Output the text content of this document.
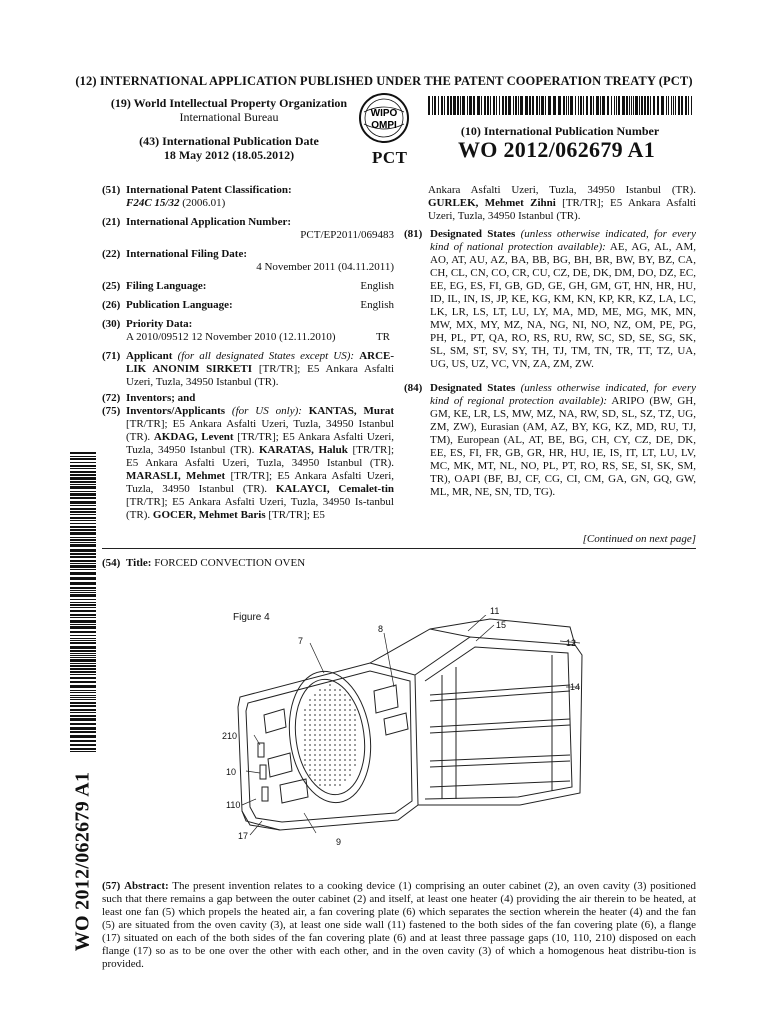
(12) INTERNATIONAL APPLICATION PUBLISHED UNDER THE PATENT COOPERATION TREATY (PCT)
(19) World Intellectual Property Organization
International Bureau
(43) International Publication Date
18 May 2012 (18.05.2012)
WIPO
OMPI
PCT
(10) International Publication Number
WO 2012/062679 A1

(51) International Patent Classification:

F24C 15/32 (2006.01)

(21) International Application Number:

PCT/EP2011/069483

(22) International Filing Date:

4 November 2011 (04.11.2011)

(25) Filing Language:	English
(26) Publication Language:	English

(30) Priority Data:

A 2010/09512 12 November 2010 (12.11.2010)	TR

(71) Applicant (for all designated States except US): ARCE-LIK ANONIM SIRKETI [TR/TR]; E5 Ankara Asfalti Uzeri, Tuzla, 34950 Istanbul (TR).

(72) Inventors; and

(75) Inventors/Applicants (for US only): KANTAS, Murat [TR/TR]; E5 Ankara Asfalti Uzeri, Tuzla, 34950 Istanbul (TR). AKDAG, Levent [TR/TR]; E5 Ankara Asfalti Uzeri, Tuzla, 34950 Istanbul (TR). KARATAS, Haluk [TR/TR]; E5 Ankara Asfalti Uzeri, Tuzla, 34950 Istanbul (TR). MARASLI, Mehmet [TR/TR]; E5 Ankara Asfalti Uzeri, Tuzla, 34950 Istanbul (TR). KALAYCI, Cemalet-tin [TR/TR]; E5 Ankara Asfalti Uzeri, Tuzla, 34950 Is-tanbul (TR). GOCER, Mehmet Baris [TR/TR]; E5

Ankara Asfalti Uzeri, Tuzla, 34950 Istanbul (TR). GURLEK, Mehmet Zihni [TR/TR]; E5 Ankara Asfalti Uzeri, Tuzla, 34950 Istanbul (TR).

(81) Designated States (unless otherwise indicated, for every kind of national protection available): AE, AG, AL, AM, AO, AT, AU, AZ, BA, BB, BG, BH, BR, BW, BY, BZ, CA, CH, CL, CN, CO, CR, CU, CZ, DE, DK, DM, DO, DZ, EC, EE, EG, ES, FI, GB, GD, GE, GH, GM, GT, HN, HR, HU, ID, IL, IN, IS, JP, KE, KG, KM, KN, KP, KR, KZ, LA, LC, LK, LR, LS, LT, LU, LY, MA, MD, ME, MG, MK, MN, MW, MX, MY, MZ, NA, NG, NI, NO, NZ, OM, PE, PG, PH, PL, PT, QA, RO, RS, RU, RW, SC, SD, SE, SG, SK, SL, SM, ST, SV, SY, TH, TJ, TM, TN, TR, TT, TZ, UA, UG, US, UZ, VC, VN, ZA, ZM, ZW.

(84) Designated States (unless otherwise indicated, for every kind of regional protection available): ARIPO (BW, GH, GM, KE, LR, LS, MW, MZ, NA, RW, SD, SL, SZ, TZ, UG, ZM, ZW), Eurasian (AM, AZ, BY, KG, KZ, MD, RU, TJ, TM), European (AL, AT, BE, BG, CH, CY, CZ, DE, DK, EE, ES, FI, FR, GB, GR, HR, HU, IE, IS, IT, LT, LU, LV, MC, MK, MT, NL, NO, PL, PT, RO, RS, SE, SI, SK, SM, TR), OAPI (BF, BJ, CF, CG, CI, CM, GA, GN, GQ, GW, ML, MR, NE, SN, TD, TG).

[Continued on next page]
(54) Title: FORCED CONVECTION OVEN
Figure 4
11
15
12
8
7
14
210
10
110
17
9
(57) Abstract: The present invention relates to a cooking device (1) comprising an outer cabinet (2), an oven cavity (3) positioned such that there remains a gap between the outer cabinet (2) and itself, at least one heater (4) providing the air therein to be heated, at least one fan (5) which propels the heated air, a fan covering plate (6) which separates the section wherein the heater (4) and the fan (5) are situated from the oven cavity (3), at least one side wall (11) fastened to the both sides of the fan covering plate (6), a flange (17) situated on each of the both sides of the fan covering plate (6) and at least three passage gaps (10, 110, 210) disposed on each flange (17) so as to be one over the other with each other, and in the oven cavity (3) of which a homogenous heat distribu-tion is provided.
WO 2012/062679 A1
